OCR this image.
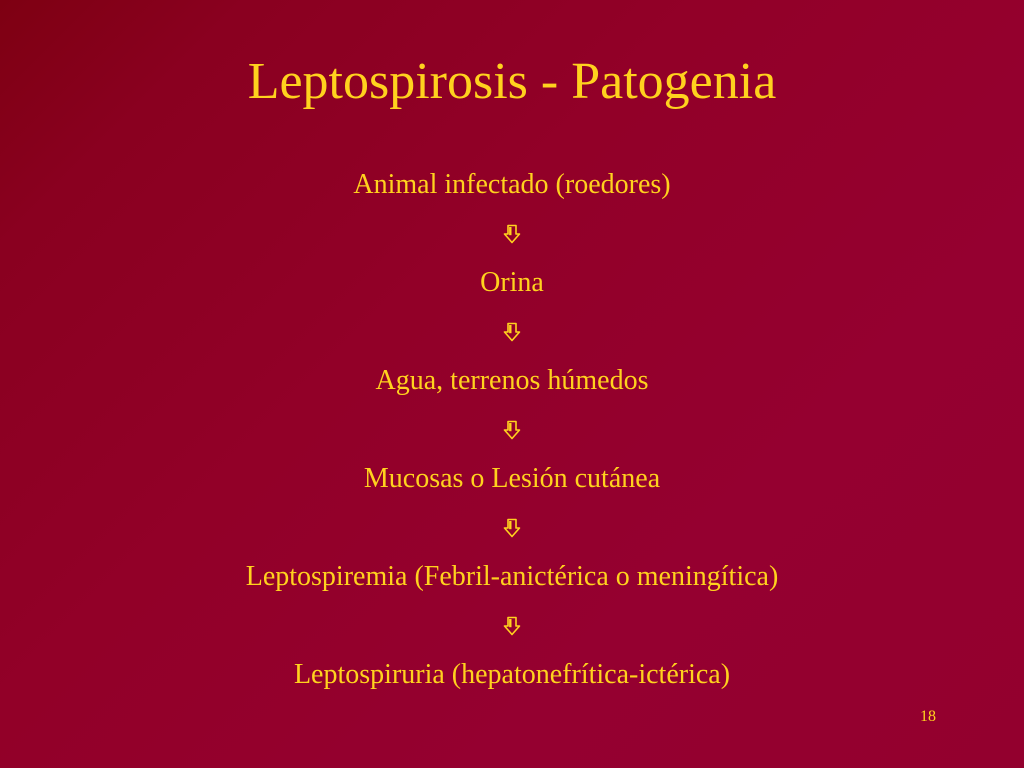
Leptospirosis - Patogenia
Animal infectado (roedores)
Orina
Agua, terrenos húmedos
Mucosas o Lesión cutánea
Leptospiremia (Febril-anictérica o meningítica)
Leptospiruria (hepatonefrítica-ictérica)
18
